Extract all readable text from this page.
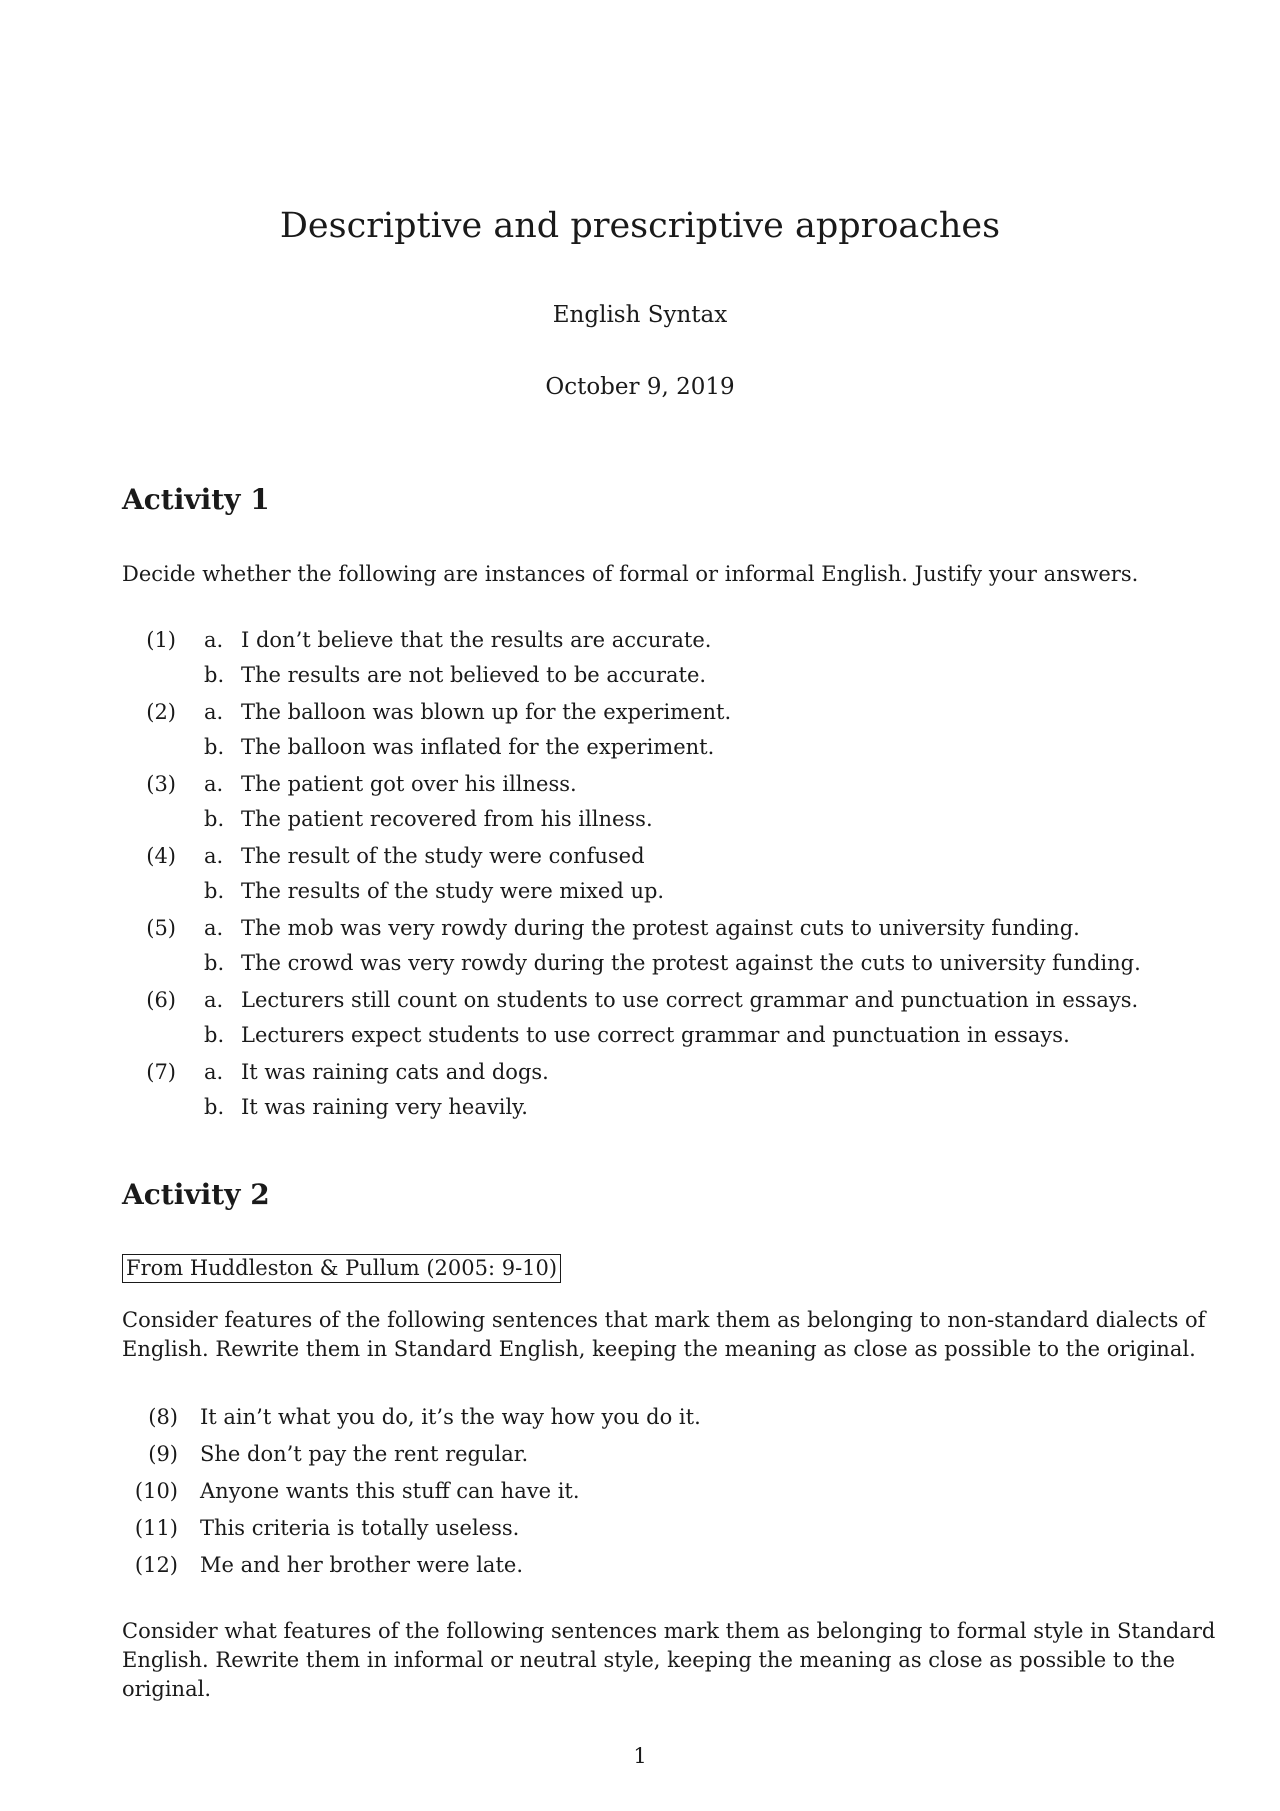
Descriptive and prescriptive approaches
English Syntax
October 9, 2019
Activity 1
Decide whether the following are instances of formal or informal English. Justify your answers.
(1) a. I don’t believe that the results are accurate.
b. The results are not believed to be accurate.
(2) a. The balloon was blown up for the experiment.
b. The balloon was inflated for the experiment.
(3) a. The patient got over his illness.
b. The patient recovered from his illness.
(4) a. The result of the study were confused
b. The results of the study were mixed up.
(5) a. The mob was very rowdy during the protest against cuts to university funding.
b. The crowd was very rowdy during the protest against the cuts to university funding.
(6) a. Lecturers still count on students to use correct grammar and punctuation in essays.
b. Lecturers expect students to use correct grammar and punctuation in essays.
(7) a. It was raining cats and dogs.
b. It was raining very heavily.
Activity 2
From Huddleston & Pullum (2005: 9-10)
Consider features of the following sentences that mark them as belonging to non-standard dialects of
English. Rewrite them in Standard English, keeping the meaning as close as possible to the original.
(8) It ain’t what you do, it’s the way how you do it.
(9) She don’t pay the rent regular.
(10) Anyone wants this stuff can have it.
(11) This criteria is totally useless.
(12) Me and her brother were late.
Consider what features of the following sentences mark them as belonging to formal style in Standard
English. Rewrite them in informal or neutral style, keeping the meaning as close as possible to the
original.
1
